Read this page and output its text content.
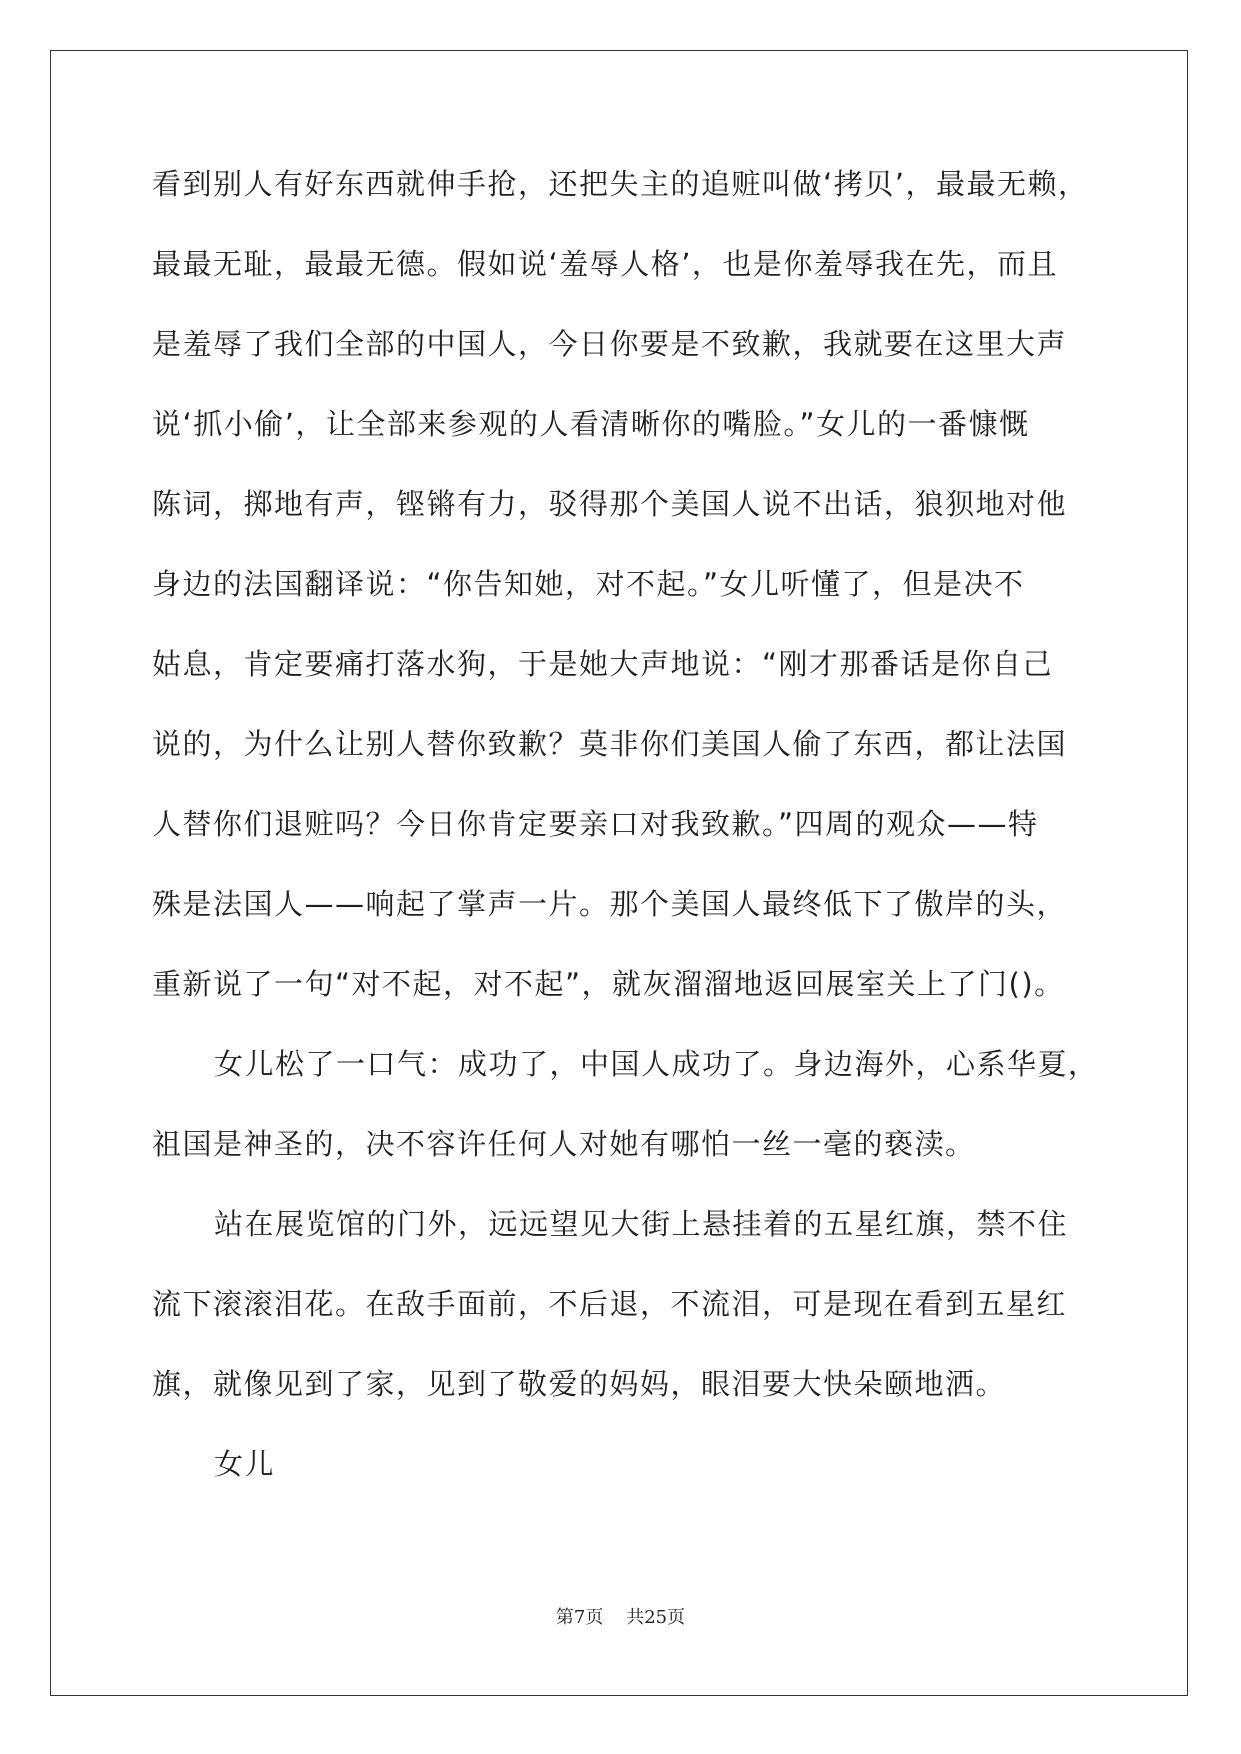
看到别人有好东西就伸手抢，还把失主的追赃叫做‘拷贝’，最最无赖，
最最无耻，最最无德。假如说‘羞辱人格’，也是你羞辱我在先，而且
是羞辱了我们全部的中国人，今日你要是不致歉，我就要在这里大声
说‘抓小偷’，让全部来参观的人看清晰你的嘴脸。”女儿的一番慷慨
陈词，掷地有声，铿锵有力，驳得那个美国人说不出话，狼狈地对他
身边的法国翻译说：“你告知她，对不起。”女儿听懂了，但是决不
姑息，肯定要痛打落水狗，于是她大声地说：“刚才那番话是你自己
说的，为什么让别人替你致歉？莫非你们美国人偷了东西，都让法国
人替你们退赃吗？今日你肯定要亲口对我致歉。”四周的观众——特
殊是法国人——响起了掌声一片。那个美国人最终低下了傲岸的头，
重新说了一句“对不起，对不起”，就灰溜溜地返回展室关上了门()。
女儿松了一口气：成功了，中国人成功了。身边海外，心系华夏，
祖国是神圣的，决不容许任何人对她有哪怕一丝一毫的亵渎。
站在展览馆的门外，远远望见大街上悬挂着的五星红旗，禁不住
流下滚滚泪花。在敌手面前，不后退，不流泪，可是现在看到五星红
旗，就像见到了家，见到了敬爱的妈妈，眼泪要大快朵颐地洒。
女儿
第7页 共25页
